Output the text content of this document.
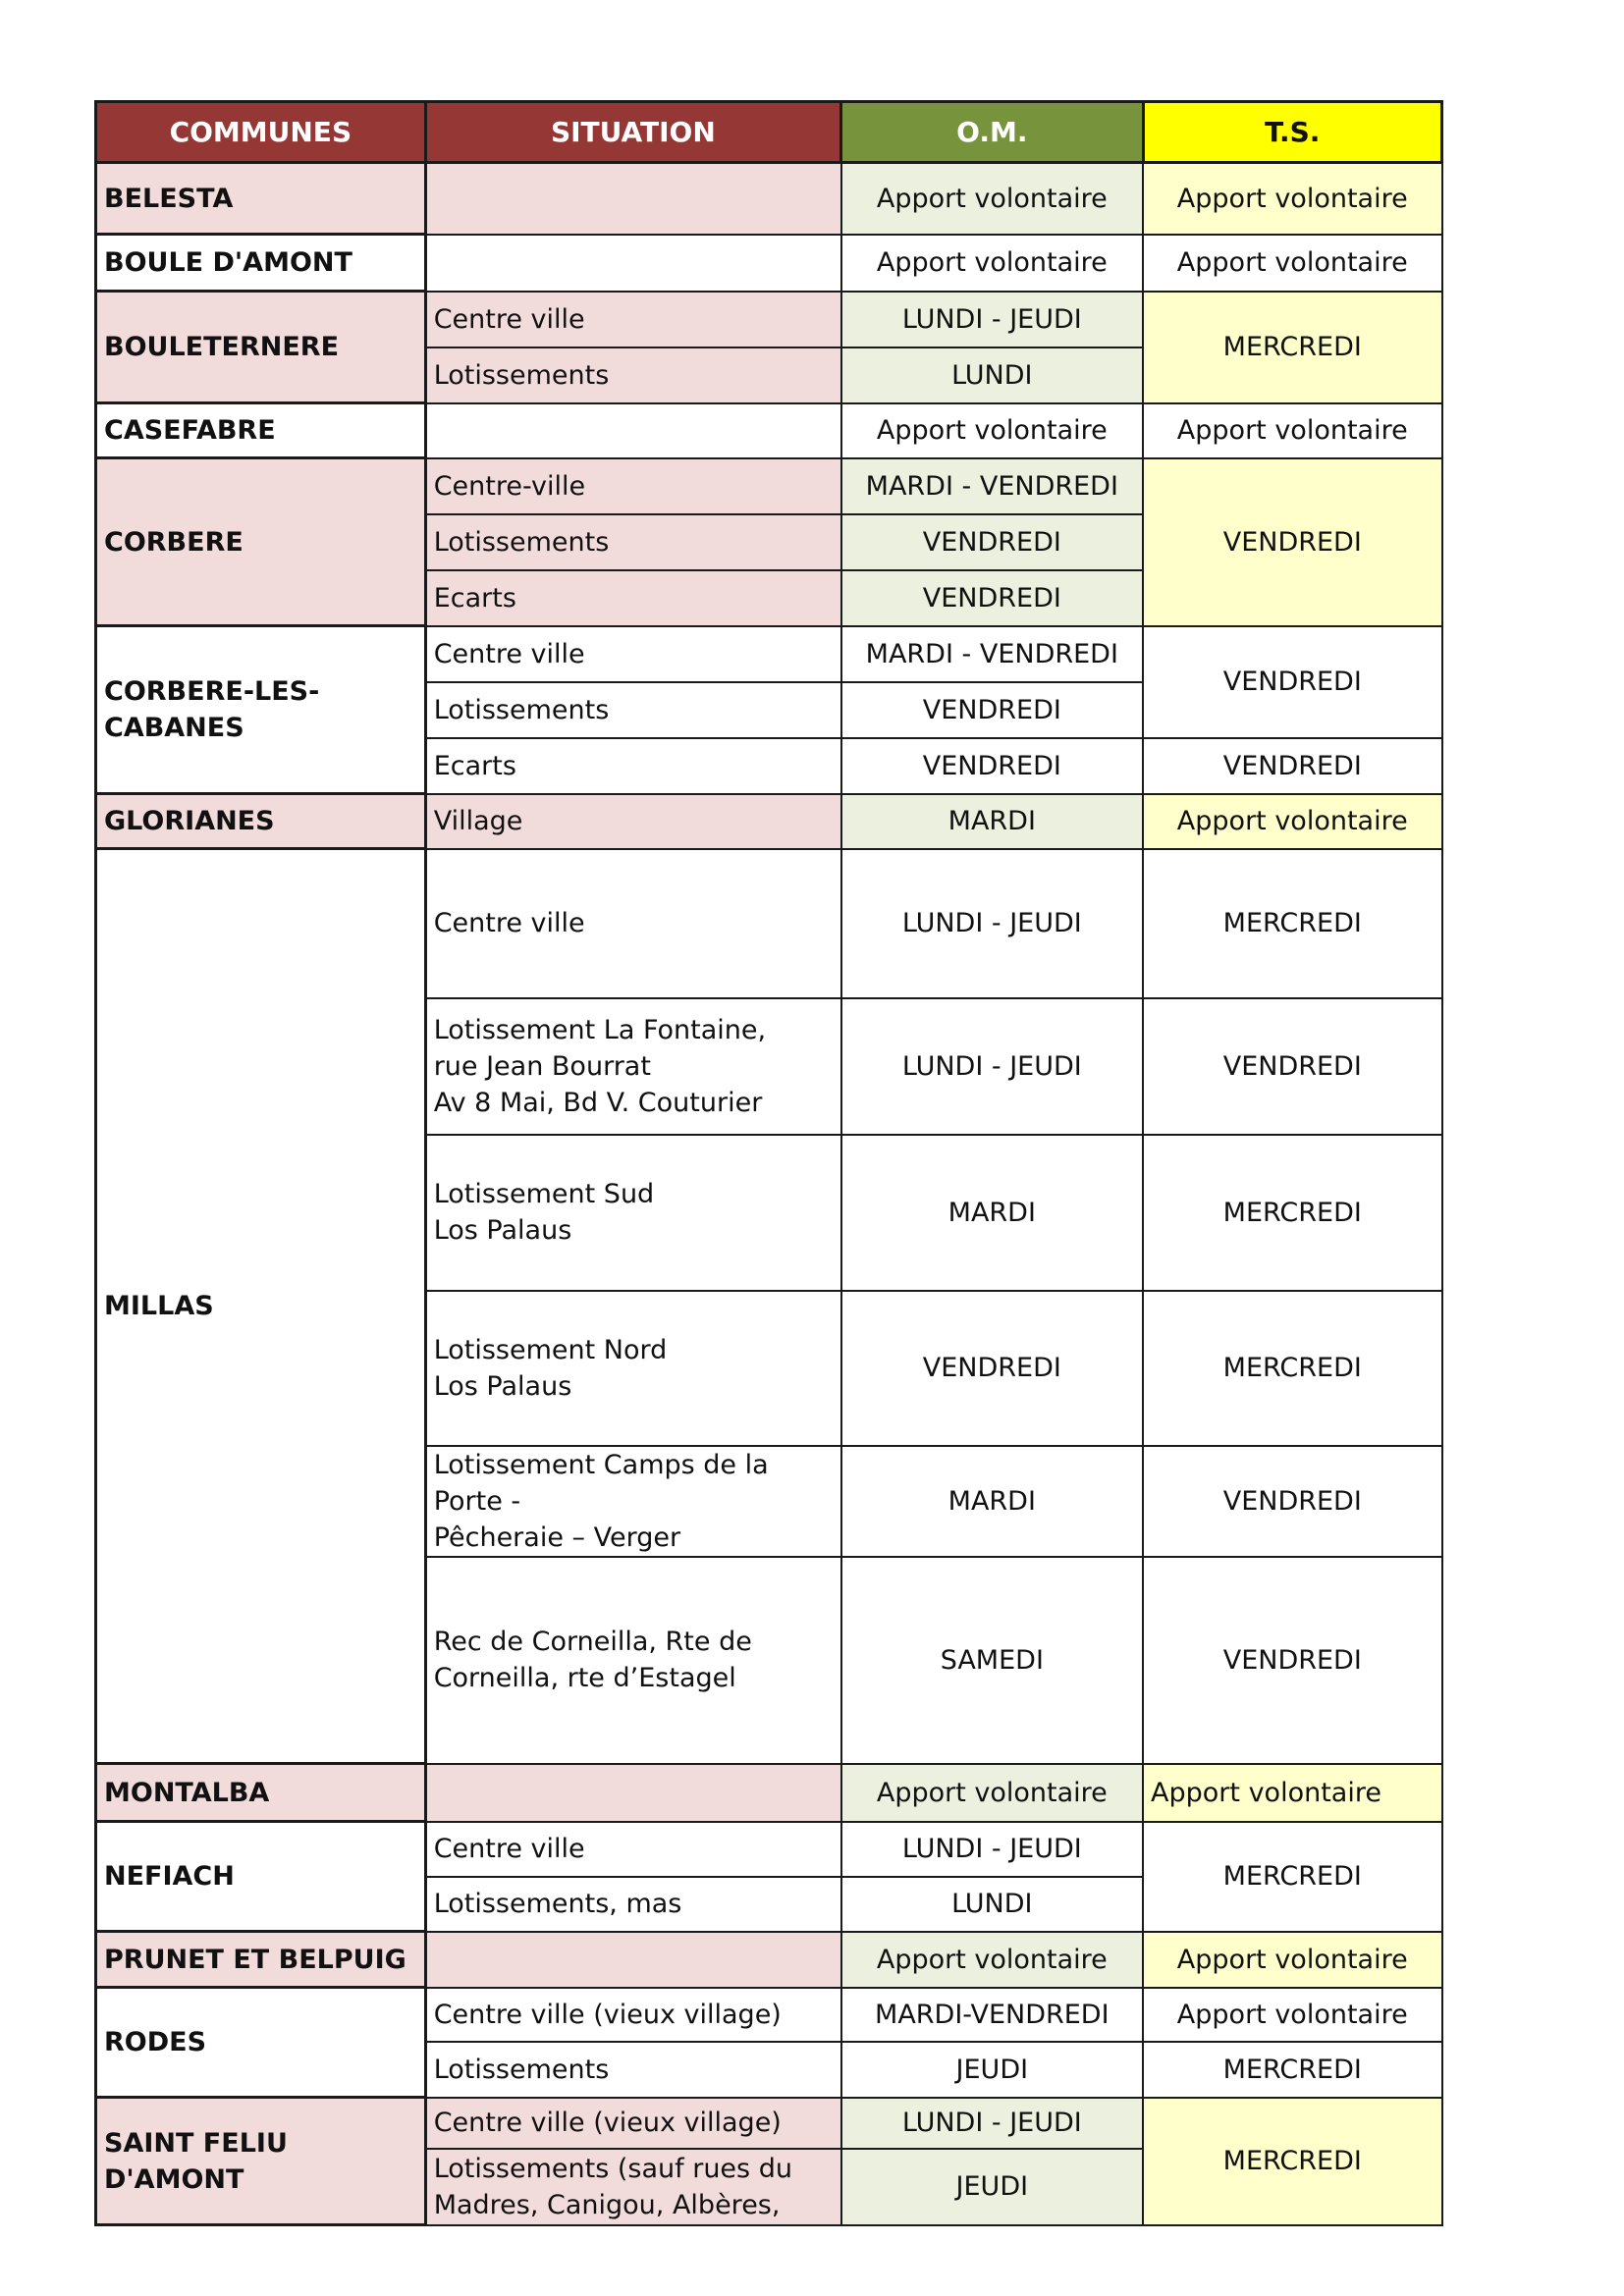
COMMUNES	SITUATION	O.M.	T.S.
BELESTA		Apport volontaire	Apport volontaire
BOULE D'AMONT		Apport volontaire	Apport volontaire
BOULETERNERE	Centre ville	LUNDI - JEUDI	MERCREDI
	Lotissements	LUNDI	
CASEFABRE		Apport volontaire	Apport volontaire
CORBERE	Centre-ville	MARDI - VENDREDI	VENDREDI
	Lotissements	VENDREDI	
	Ecarts	VENDREDI	
CORBERE-LES-CABANES	Centre ville	MARDI - VENDREDI	VENDREDI
	Lotissements	VENDREDI	
	Ecarts	VENDREDI	VENDREDI
GLORIANES	Village	MARDI	Apport volontaire
MILLAS	Centre ville	LUNDI - JEUDI	MERCREDI
	Lotissement La Fontaine,
rue Jean Bourrat
Av 8 Mai, Bd V. Couturier	LUNDI - JEUDI	VENDREDI
	Lotissement Sud
Los Palaus	MARDI	MERCREDI
	Lotissement Nord
Los Palaus	VENDREDI	MERCREDI
	Lotissement Camps de la Porte -
Pêcheraie – Verger	MARDI	VENDREDI
	Rec de Corneilla, Rte de
Corneilla, rte d’Estagel	SAMEDI	VENDREDI
MONTALBA		Apport volontaire	Apport volontaire
NEFIACH	Centre ville	LUNDI - JEUDI	MERCREDI
	Lotissements, mas	LUNDI	
PRUNET ET BELPUIG		Apport volontaire	Apport volontaire
RODES	Centre ville (vieux village)	MARDI-VENDREDI	Apport volontaire
	Lotissements	JEUDI	MERCREDI
SAINT FELIU D'AMONT	Centre ville (vieux village)	LUNDI - JEUDI	MERCREDI
	Lotissements (sauf rues du
Madres, Canigou, Albères,	JEUDI	
